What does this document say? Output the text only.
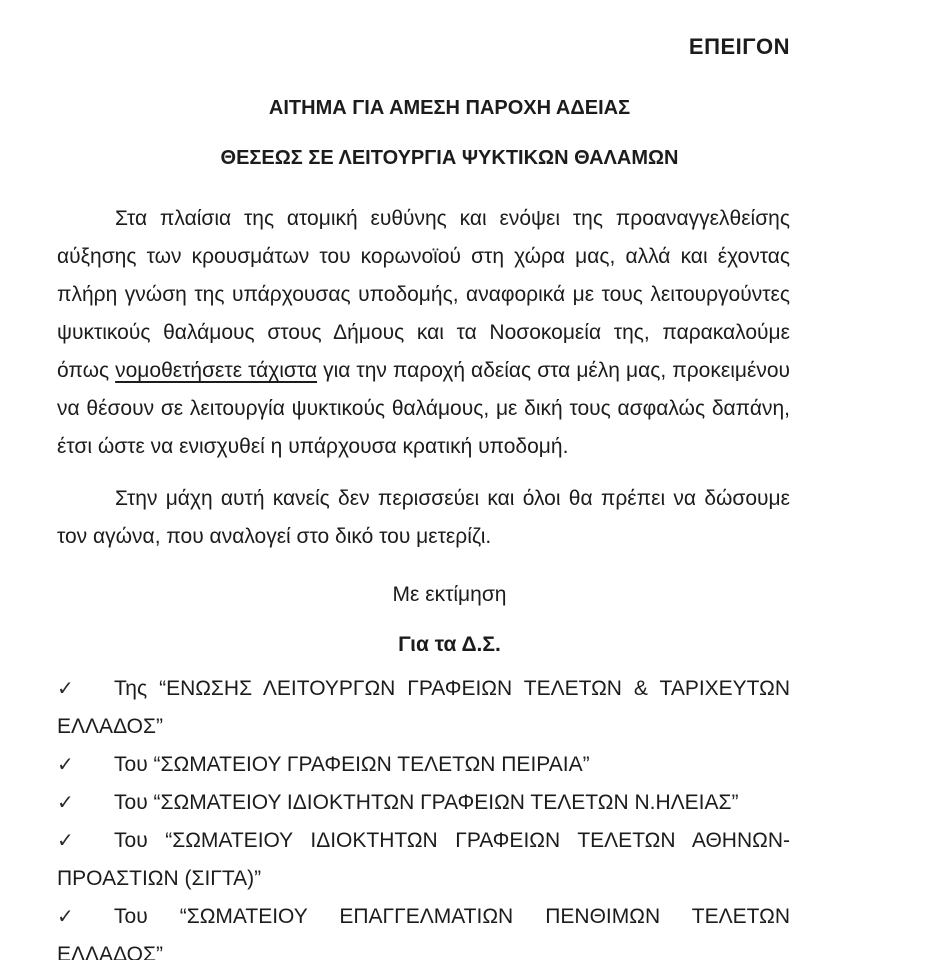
ΕΠΕΙΓΟΝ
ΑΙΤΗΜΑ ΓΙΑ ΑΜΕΣΗ ΠΑΡΟΧΗ ΑΔΕΙΑΣ
ΘΕΣΕΩΣ ΣΕ ΛΕΙΤΟΥΡΓΙΑ ΨΥΚΤΙΚΩΝ ΘΑΛΑΜΩΝ

Στα πλαίσια της ατομική ευθύνης και ενόψει της προαναγγελθείσης αύξησης των κρουσμάτων του κορωνοϊού στη χώρα μας, αλλά και έχοντας πλήρη γνώση της υπάρχουσας υποδομής, αναφορικά με τους λειτουργούντες ψυκτικούς θαλάμους στους Δήμους και τα Νοσοκομεία της, παρακαλούμε όπως νομοθετήσετε τάχιστα για την παροχή αδείας στα μέλη μας, προκειμένου να θέσουν σε λειτουργία ψυκτικούς θαλάμους, με δική τους ασφαλώς δαπάνη, έτσι ώστε να ενισχυθεί η υπάρχουσα κρατική υποδομή.

Στην μάχη αυτή κανείς δεν περισσεύει και όλοι θα πρέπει να δώσουμε τον αγώνα, που αναλογεί στο δικό του μετερίζι.

Με εκτίμηση
Για τα Δ.Σ.
✓ Της “ΕΝΩΣΗΣ ΛΕΙΤΟΥΡΓΩΝ ΓΡΑΦΕΙΩΝ ΤΕΛΕΤΩΝ & ΤΑΡΙΧΕΥΤΩΝ ΕΛΛΑΔΟΣ”
✓ Του “ΣΩΜΑΤΕΙΟΥ ΓΡΑΦΕΙΩΝ ΤΕΛΕΤΩΝ ΠΕΙΡΑΙΑ”
✓ Του “ΣΩΜΑΤΕΙΟΥ ΙΔΙΟΚΤΗΤΩΝ ΓΡΑΦΕΙΩΝ ΤΕΛΕΤΩΝ Ν.ΗΛΕΙΑΣ”
✓ Του “ΣΩΜΑΤΕΙΟΥ ΙΔΙΟΚΤΗΤΩΝ ΓΡΑΦΕΙΩΝ ΤΕΛΕΤΩΝ ΑΘΗΝΩΝ-ΠΡΟΑΣΤΙΩΝ (ΣΙΓΤΑ)”
✓ Του “ΣΩΜΑΤΕΙΟΥ ΕΠΑΓΓΕΛΜΑΤΙΩΝ ΠΕΝΘΙΜΩΝ ΤΕΛΕΤΩΝ ΕΛΛΑΔΟΣ”
